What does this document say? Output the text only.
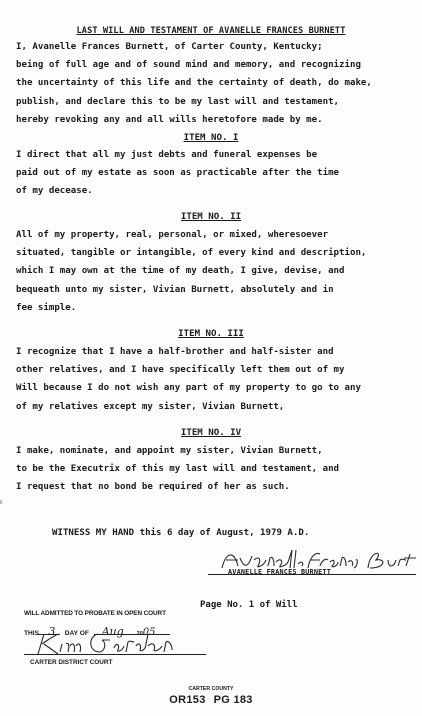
LAST WILL AND TESTAMENT OF AVANELLE FRANCES BURNETT

I, Avanelle Frances Burnett, of Carter County, Kentucky;
being of full age and of sound mind and memory, and recognizing
the uncertainty of this life and the certainty of death, do make,
publish, and declare this to be my last will and testament,
hereby revoking any and all wills heretofore made by me.

ITEM NO. I

I direct that all my just debts and funeral expenses be
paid out of my estate as soon as practicable after the time
of my decease.

ITEM NO. II

All of my property, real, personal, or mixed, wheresoever
situated, tangible or intangible, of every kind and description,
which I may own at the time of my death, I give, devise, and
bequeath unto my sister, Vivian Burnett, absolutely and in
fee simple.

ITEM NO. III

I recognize that I have a half-brother and half-sister and
other relatives, and I have specifically left them out of my
Will because I do not wish any part of my property to go to any
of my relatives except my sister, Vivian Burnett,

ITEM NO. IV

I make, nominate, and appoint my sister, Vivian Burnett,
to be the Executrix of this my last will and testament, and
I request that no bond be required of her as such.

WITNESS MY HAND this 6 day of August, 1979 A.D.
AVANELLE FRANCES BURNETT
Page No. 1 of Will
WILL ADMITTED TO PROBATE IN OPEN COURT
THIS 3 DAY OF Aug 2005
CARTER DISTRICT COURT
CARTER COUNTY
OR153 PG 183
